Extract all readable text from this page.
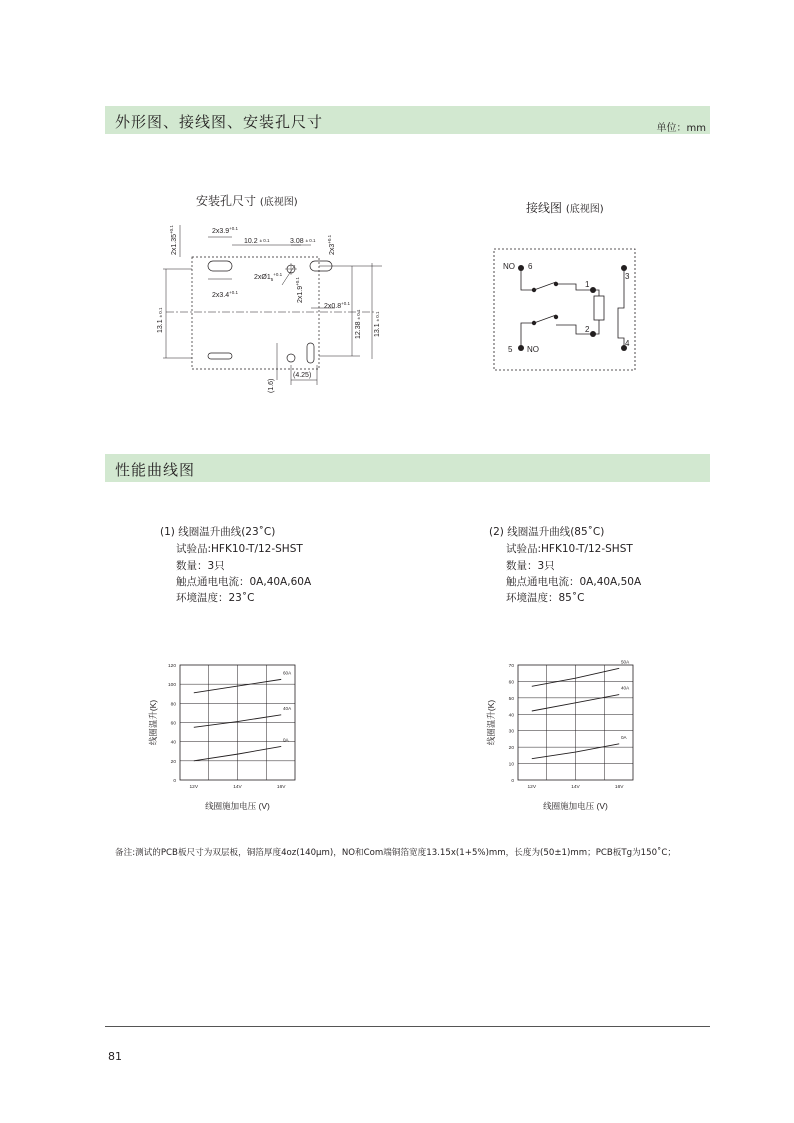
外形图、接线图、安装孔尺寸	单位：mm
安装孔尺寸 (底视图)
$2x3.9^{+0.1}$
10.2 ± 0.1	3.08 ± 0.1
$2x3.4^{+0.1}$
$2xØ1_5^{+0.1}$
$2x0.8^{+0.1}$
$2x1.35^{+0.1}$
$2x3^{+0.1}$
$2x1.9^{+0.1}$
13.1 ± 0.1
12.38 ± 0.1
13.1 ± 0.1
(1.6)
(4.25)
接线图 (底视图)
NO 6
1
2
3
4
5 NO
性能曲线图
(1) 线圈温升曲线(23˚C)
试验品:HFK10-T/12-SHST
数量：3只
触点通电电流：0A,40A,60A
环境温度：23˚C
(2) 线圈温升曲线(85˚C)
试验品:HFK10-T/12-SHST
数量：3只
触点通电电流：0A,40A,50A
环境温度：85˚C
0
20
40
60
80
100
120
12V	14V	16V
60A
40A
0A
线圈温升(K)
线圈施加电压 (V)
0
10
20
30
40
50
60
70
12V	14V	16V
50A
40A
0A
线圈温升(K)
线圈施加电压 (V)
备注:测试的PCB板尺寸为双层板，铜箔厚度4oz(140μm)，NO和Com端铜箔宽度13.15x(1+5%)mm，长度为(50±1)mm；PCB板Tg为150˚C；
81
